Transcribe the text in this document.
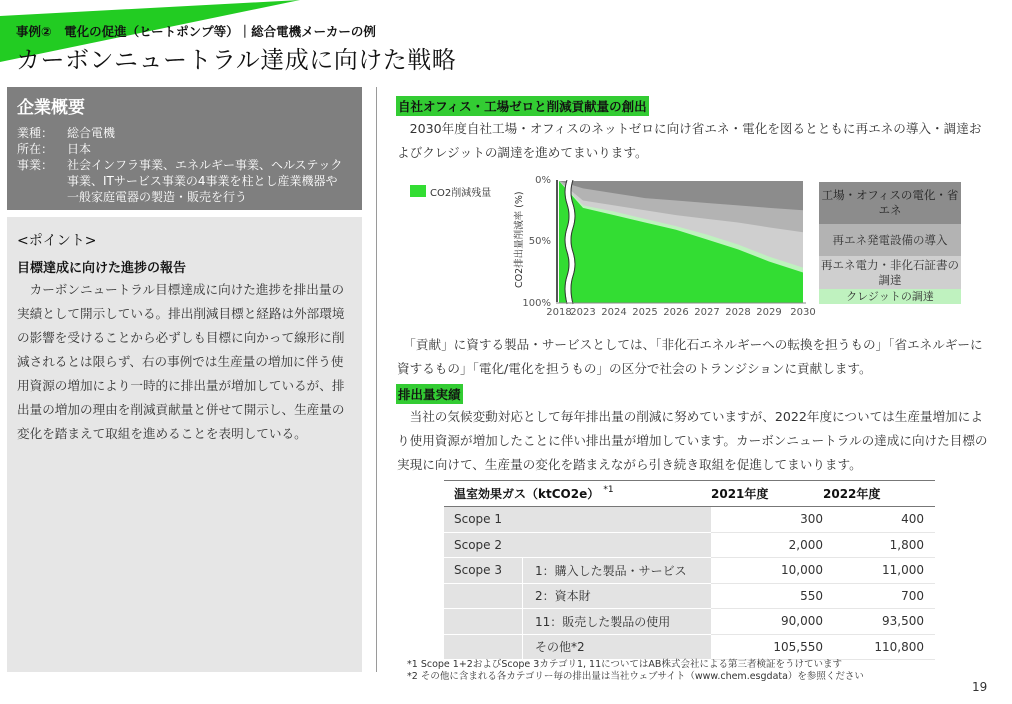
事例②　電化の促進（ヒートポンプ等）｜総合電機メーカーの例
カーボンニュートラル達成に向けた戦略
企業概要
業種：	総合電機
所在：	日本
事業：	社会インフラ事業、エネルギー事業、ヘルステック事業、ITサービス事業の4事業を柱とし産業機器や一般家庭電器の製造・販売を行う
<ポイント>
目標達成に向けた進捗の報告
カーボンニュートラル目標達成に向けた進捗を排出量の実績として開示している。排出削減目標と経路は外部環境の影響を受けることから必ずしも目標に向かって線形に削減されるとは限らず、右の事例では生産量の増加に伴う使用資源の増加により一時的に排出量が増加しているが、排出量の増加の理由を削減貢献量と併せて開示し、生産量の変化を踏まえて取組を進めることを表明している。
自社オフィス・工場ゼロと削減貢献量の創出
　2030年度自社工場・オフィスのネットゼロに向け省エネ・電化を図るとともに再エネの導入・調達およびクレジットの調達を進めてまいります。
CO2削減残量	CO2排出量削減率 (%)
0%
50%
100%
2018
2023 2024 2025 2026 2027 2028 2029 2030
工場・オフィスの電化・省エネ
再エネ発電設備の導入
再エネ電力・非化石証書の調達
クレジットの調達
　「貢献」に資する製品・サービスとしては、「非化石エネルギーへの転換を担うもの」「省エネルギーに資するもの」「電化/電化を担うもの」の区分で社会のトランジションに貢献します。
排出量実績
　当社の気候変動対応として毎年排出量の削減に努めていますが、2022年度については生産量増加により使用資源が増加したことに伴い排出量が増加しています。カーボンニュートラルの達成に向けた目標の実現に向けて、生産量の変化を踏まえながら引き続き取組を促進してまいります。
温室効果ガス（ktCO2e） $^{*1}$		2021年度	2022年度
Scope 1		300	400
Scope 2		2,000	1,800
Scope 3	1：購入した製品・サービス	10,000	11,000
	2：資本財	550	700
	11：販売した製品の使用	90,000	93,500
	その他*2	105,550	110,800
*1 Scope 1+2およびScope 3カテゴリ1, 11についてはAB株式会社による第三者検証をうけています
*2 その他に含まれる各カテゴリー毎の排出量は当社ウェブサイト（www.chem.esgdata）を参照ください
19
